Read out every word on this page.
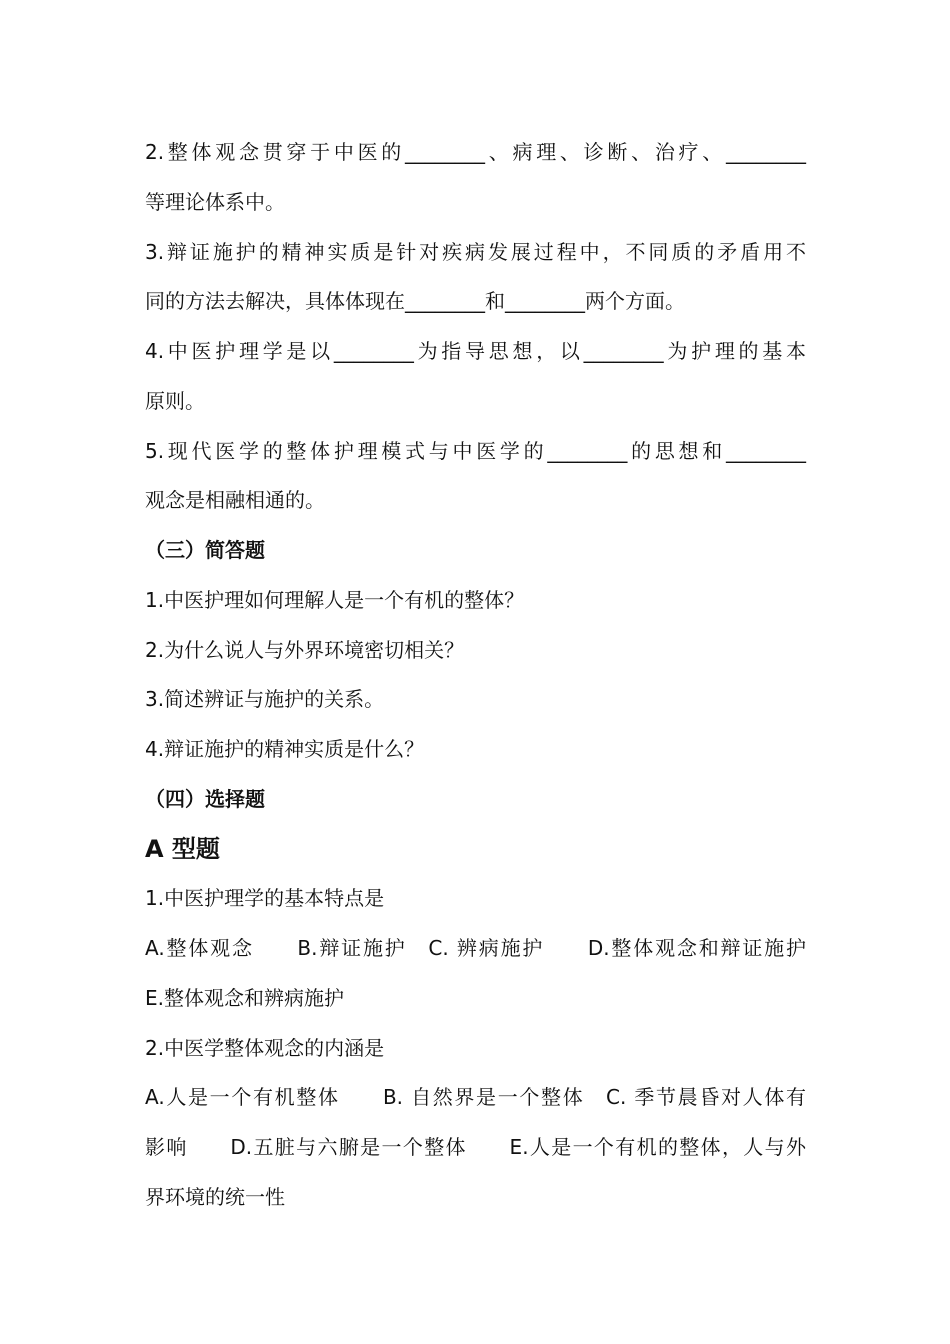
2.整体观念贯穿于中医的________、病理、诊断、治疗、________
等理论体系中。
3.辩证施护的精神实质是针对疾病发展过程中，不同质的矛盾用不
同的方法去解决，具体体现在________和________两个方面。
4.中医护理学是以________为指导思想，以________为护理的基本
原则。
5.现代医学的整体护理模式与中医学的________的思想和________
观念是相融相通的。
（三）简答题
1.中医护理如何理解人是一个有机的整体？
2.为什么说人与外界环境密切相关？
3.简述辨证与施护的关系。
4.辩证施护的精神实质是什么？
（四）选择题
A 型题
1.中医护理学的基本特点是
A.整体观念　　B.辩证施护　C. 辨病施护　　D.整体观念和辩证施护
E.整体观念和辨病施护
2.中医学整体观念的内涵是
A.人是一个有机整体　　B. 自然界是一个整体　C. 季节晨昏对人体有
影响　　D.五脏与六腑是一个整体　　E.人是一个有机的整体，人与外
界环境的统一性
